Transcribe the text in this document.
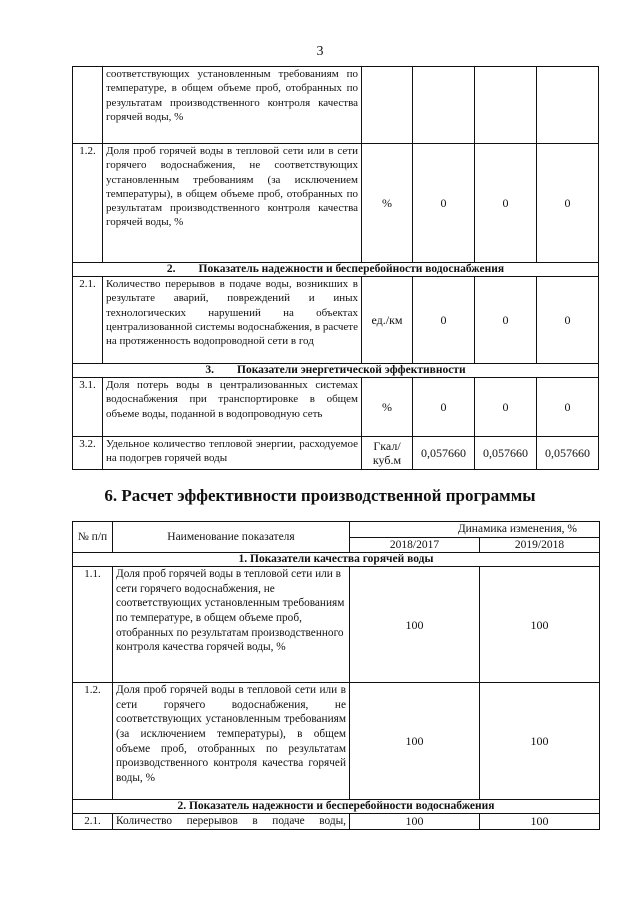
3
	соответствующих установленным требованиям по температуре, в общем объеме проб, отобранных по результатам производственного контроля качества горячей воды, %				
1.2.	Доля проб горячей воды в тепловой сети или в сети горячего водоснабжения, не соответствующих установленным требованиям (за исключением температуры), в общем объеме проб, отобранных по результатам производственного контроля качества горячей воды, %	%	0	0	0
2. Показатель надежности и бесперебойности водоснабжения					
2.1.	Количество перерывов в подаче воды, возникших в результате аварий, повреждений и иных технологических нарушений на объектах централизованной системы водоснабжения, в расчете на протяженность водопроводной сети в год	ед./км	0	0	0
3. Показатели энергетической эффективности					
3.1.	Доля потерь воды в централизованных системах водоснабжения при транспортировке в общем объеме воды, поданной в водопроводную сеть	%	0	0	0
3.2.	Удельное количество тепловой энергии, расходуемое на подогрев горячей воды	Гкал/ куб.м	0,057660	0,057660	0,057660
6. Расчет эффективности производственной программы
№ п/п	Наименование показателя	Динамика изменения, %	
		2018/2017	2019/2018
1. Показатели качества горячей воды			
1.1.	Доля проб горячей воды в тепловой сети или в сети горячего водоснабжения, не соответствующих установленным требованиям по температуре, в общем объеме проб, отобранных по результатам производственного контроля качества горячей воды, %	100	100
1.2.	Доля проб горячей воды в тепловой сети или в сети горячего водоснабжения, не соответствующих установленным требованиям (за исключением температуры), в общем объеме проб, отобранных по результатам производственного контроля качества горячей воды, %	100	100
2. Показатель надежности и бесперебойности водоснабжения			
2.1.	Количество перерывов в подаче воды,	100	100
